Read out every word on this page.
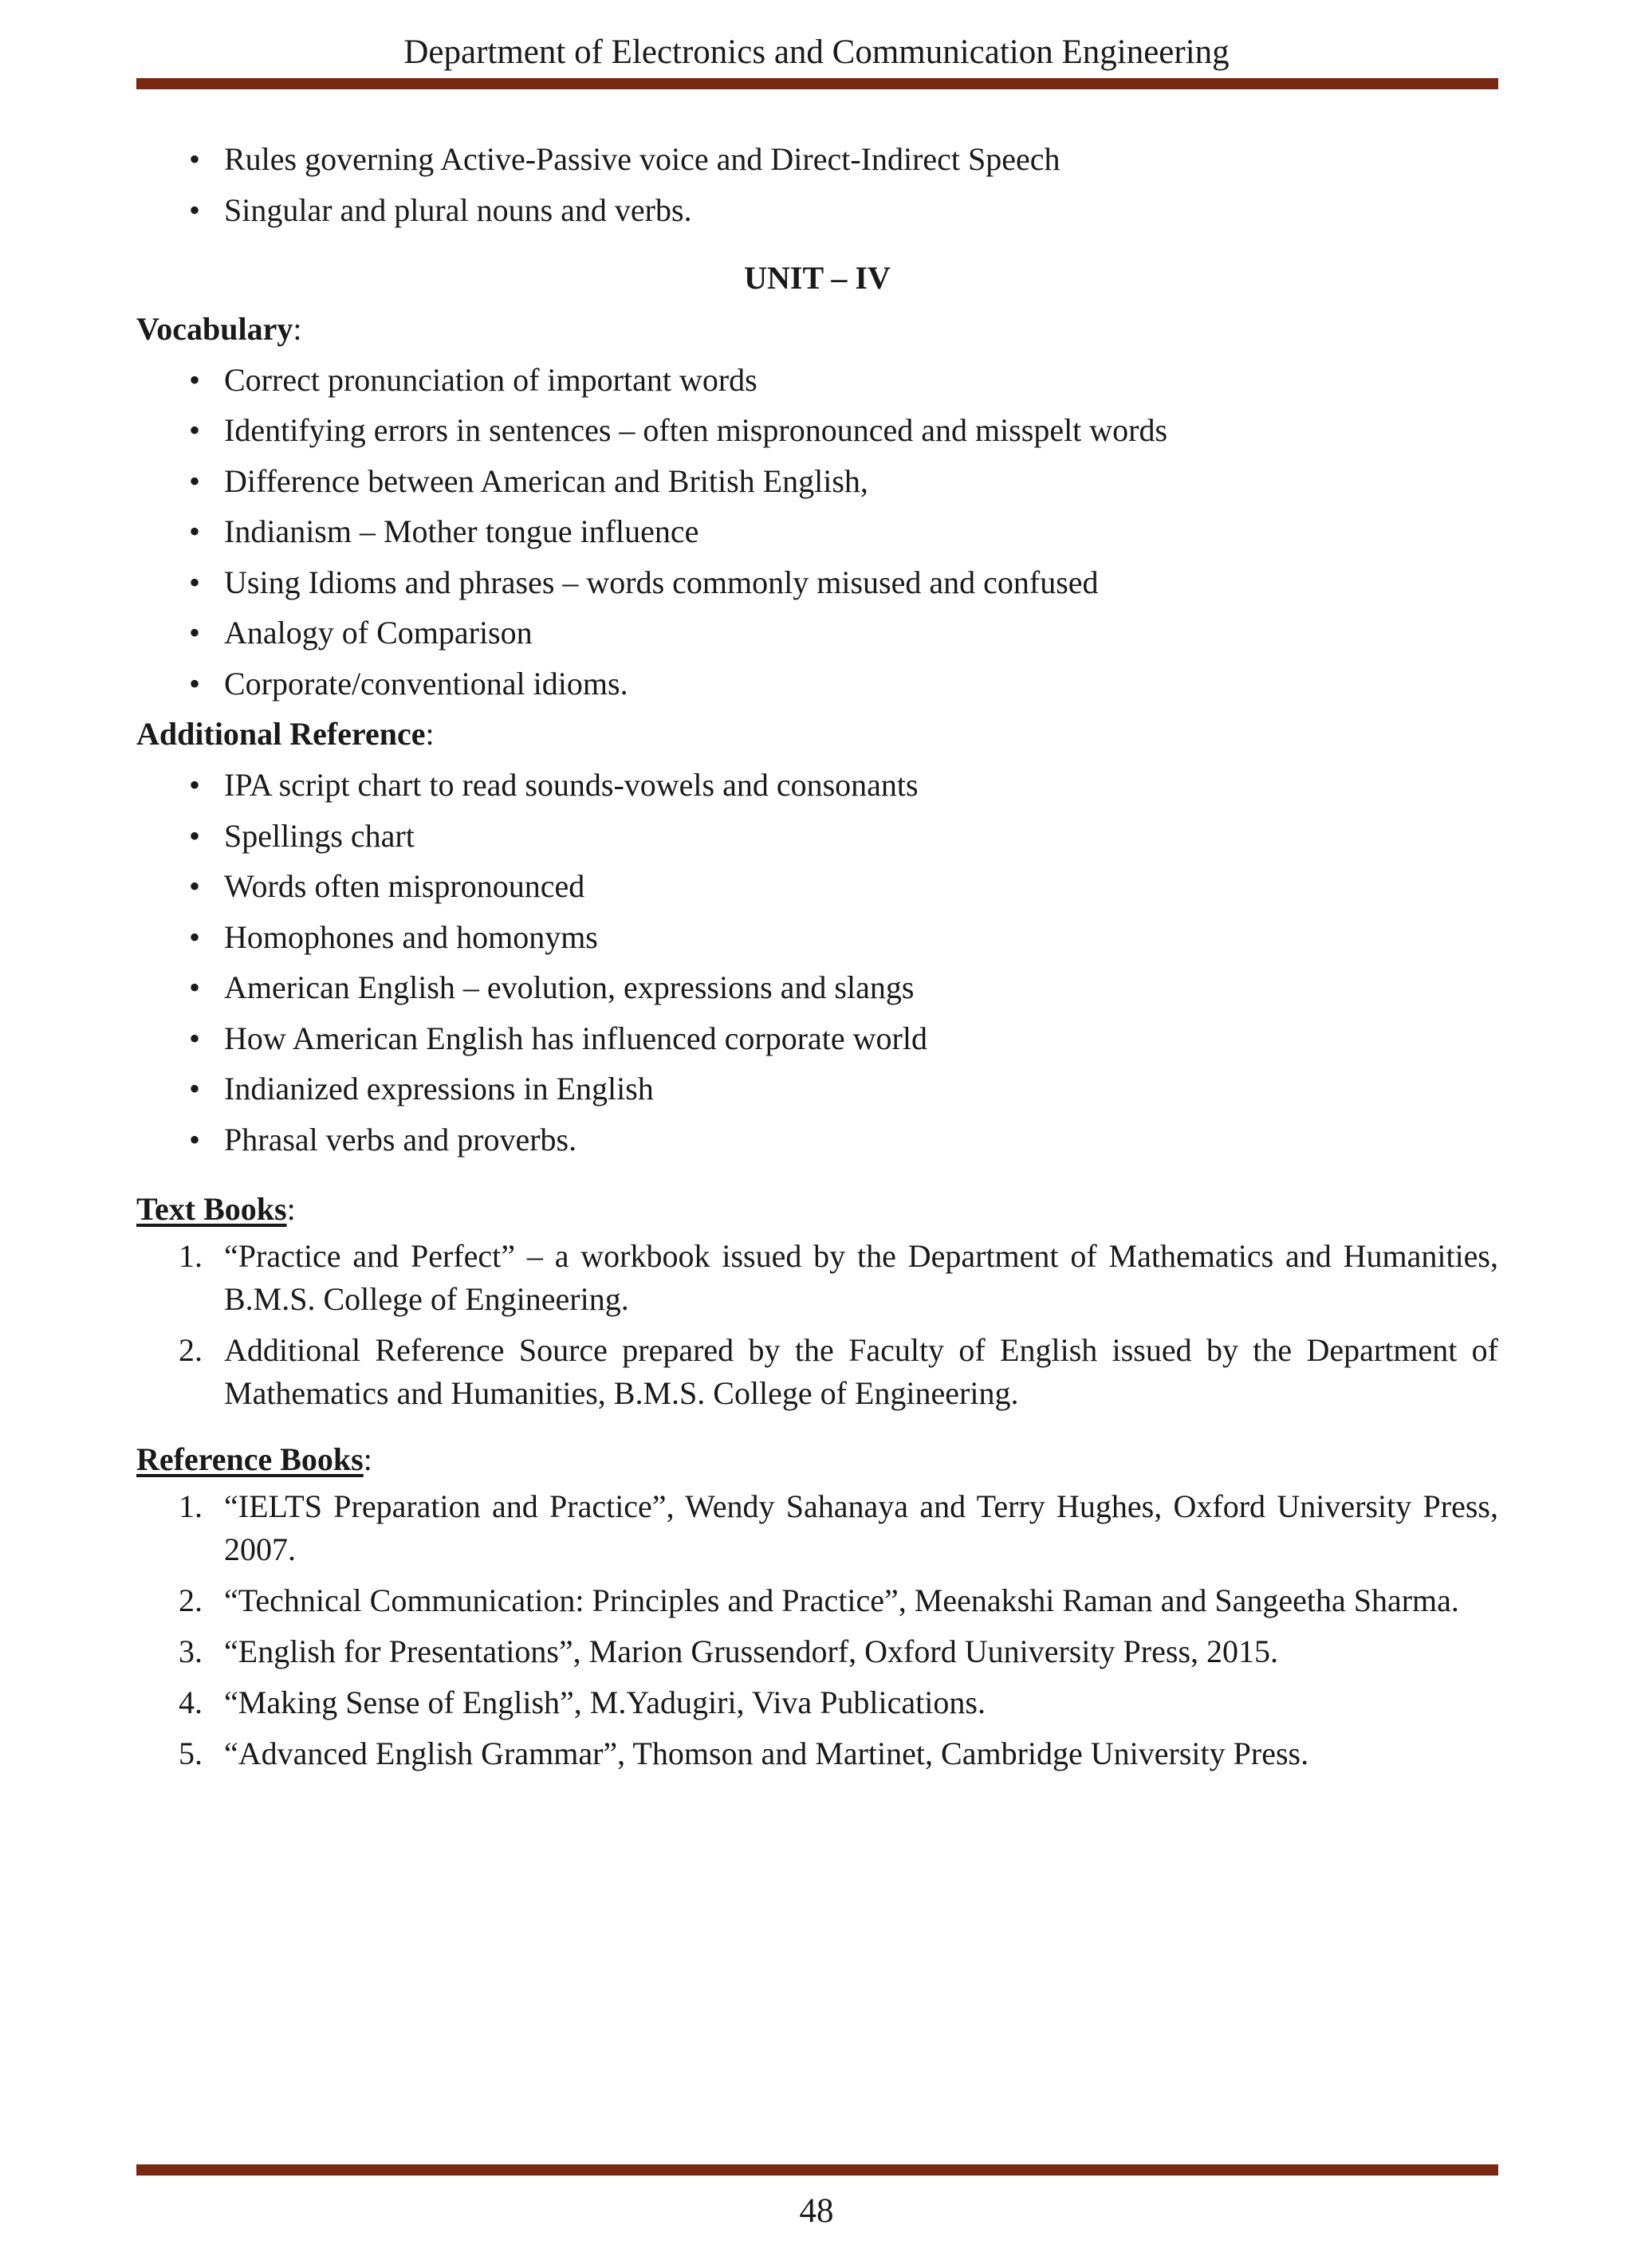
Department of Electronics and Communication Engineering
• Rules governing Active-Passive voice and Direct-Indirect Speech
• Singular and plural nouns and verbs.
UNIT – IV
Vocabulary:
• Correct pronunciation of important words
• Identifying errors in sentences – often mispronounced and misspelt words
• Difference between American and British English,
• Indianism – Mother tongue influence
• Using Idioms and phrases – words commonly misused and confused
• Analogy of Comparison
• Corporate/conventional idioms.
Additional Reference:
• IPA script chart to read sounds-vowels and consonants
• Spellings chart
• Words often mispronounced
• Homophones and homonyms
• American English – evolution, expressions and slangs
• How American English has influenced corporate world
• Indianized expressions in English
• Phrasal verbs and proverbs.
Text Books:
1. “Practice and Perfect” – a workbook issued by the Department of Mathematics and Humanities, B.M.S. College of Engineering.
2. Additional Reference Source prepared by the Faculty of English issued by the Department of Mathematics and Humanities, B.M.S. College of Engineering.
Reference Books:
1. “IELTS Preparation and Practice”, Wendy Sahanaya and Terry Hughes, Oxford University Press, 2007.
2. “Technical Communication: Principles and Practice”, Meenakshi Raman and Sangeetha Sharma.
3. “English for Presentations”, Marion Grussendorf, Oxford Uuniversity Press, 2015.
4. “Making Sense of English”, M.Yadugiri, Viva Publications.
5. “Advanced English Grammar”, Thomson and Martinet, Cambridge University Press.
48
